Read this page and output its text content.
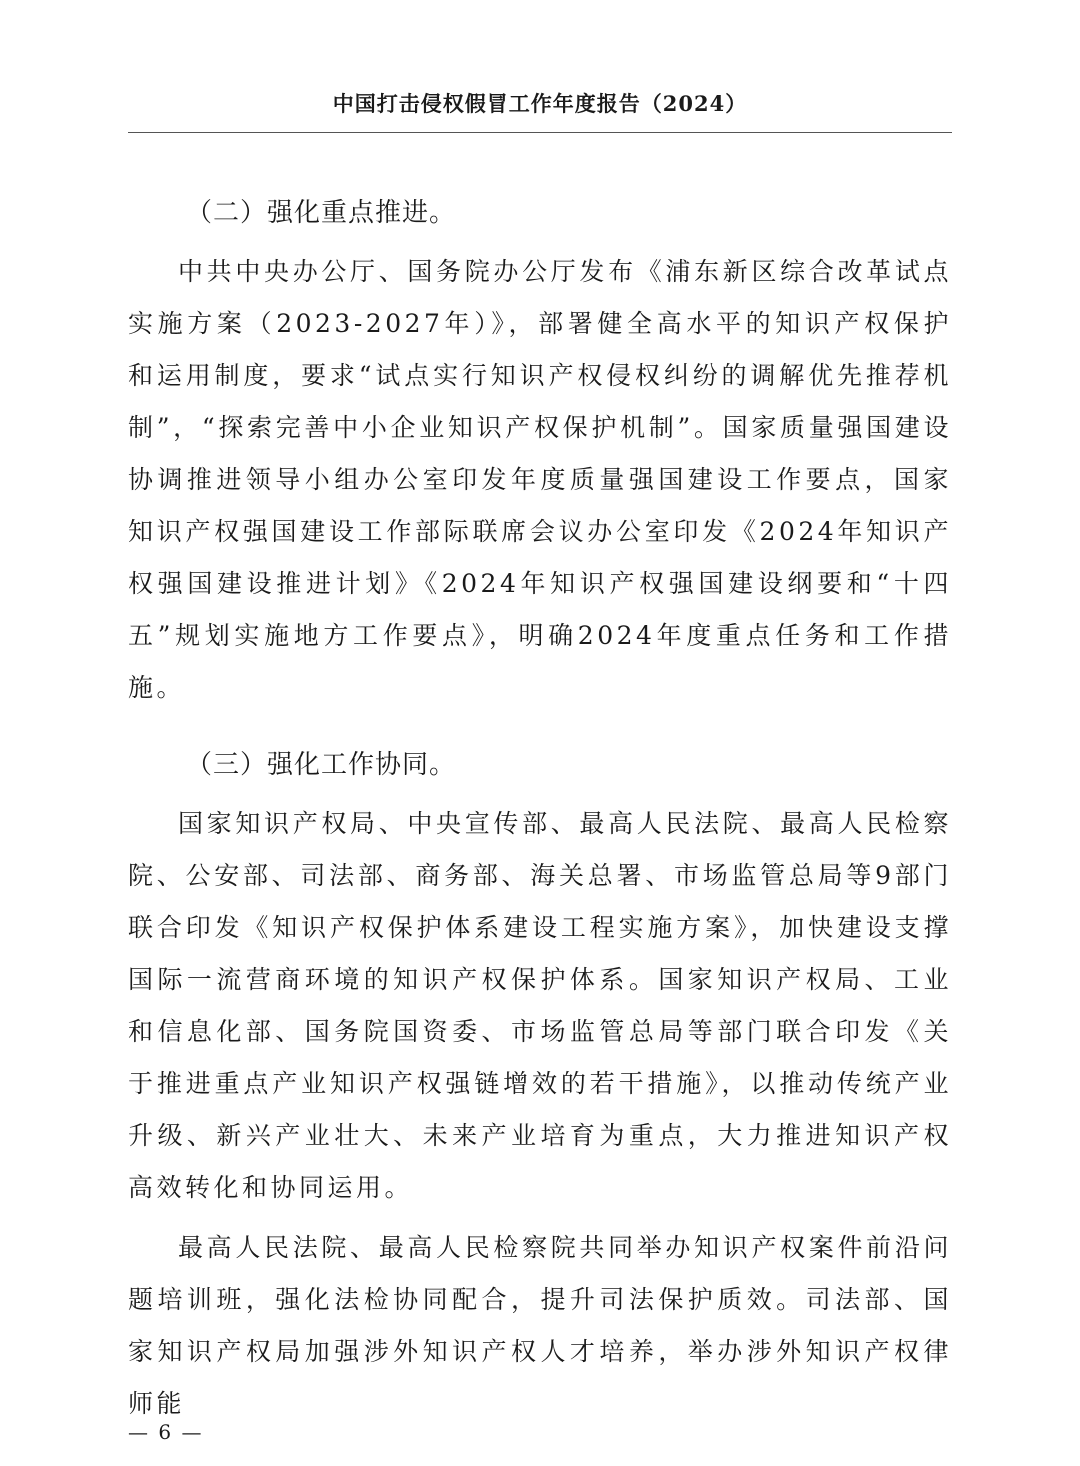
中国打击侵权假冒工作年度报告（2024）
（二）强化重点推进。

中共中央办公厅、国务院办公厅发布《浦东新区综合改革试点实施方案（2023-2027年）》，部署健全高水平的知识产权保护和运用制度，要求“试点实行知识产权侵权纠纷的调解优先推荐机制”，“探索完善中小企业知识产权保护机制”。国家质量强国建设协调推进领导小组办公室印发年度质量强国建设工作要点，国家知识产权强国建设工作部际联席会议办公室印发《2024年知识产权强国建设推进计划》《2024年知识产权强国建设纲要和“十四五”规划实施地方工作要点》，明确2024年度重点任务和工作措施。

（三）强化工作协同。

国家知识产权局、中央宣传部、最高人民法院、最高人民检察院、公安部、司法部、商务部、海关总署、市场监管总局等9部门联合印发《知识产权保护体系建设工程实施方案》，加快建设支撑国际一流营商环境的知识产权保护体系。国家知识产权局、工业和信息化部、国务院国资委、市场监管总局等部门联合印发《关于推进重点产业知识产权强链增效的若干措施》，以推动传统产业升级、新兴产业壮大、未来产业培育为重点，大力推进知识产权高效转化和协同运用。

最高人民法院、最高人民检察院共同举办知识产权案件前沿问题培训班，强化法检协同配合，提升司法保护质效。司法部、国家知识产权局加强涉外知识产权人才培养，举办涉外知识产权律师能

— 6 —
